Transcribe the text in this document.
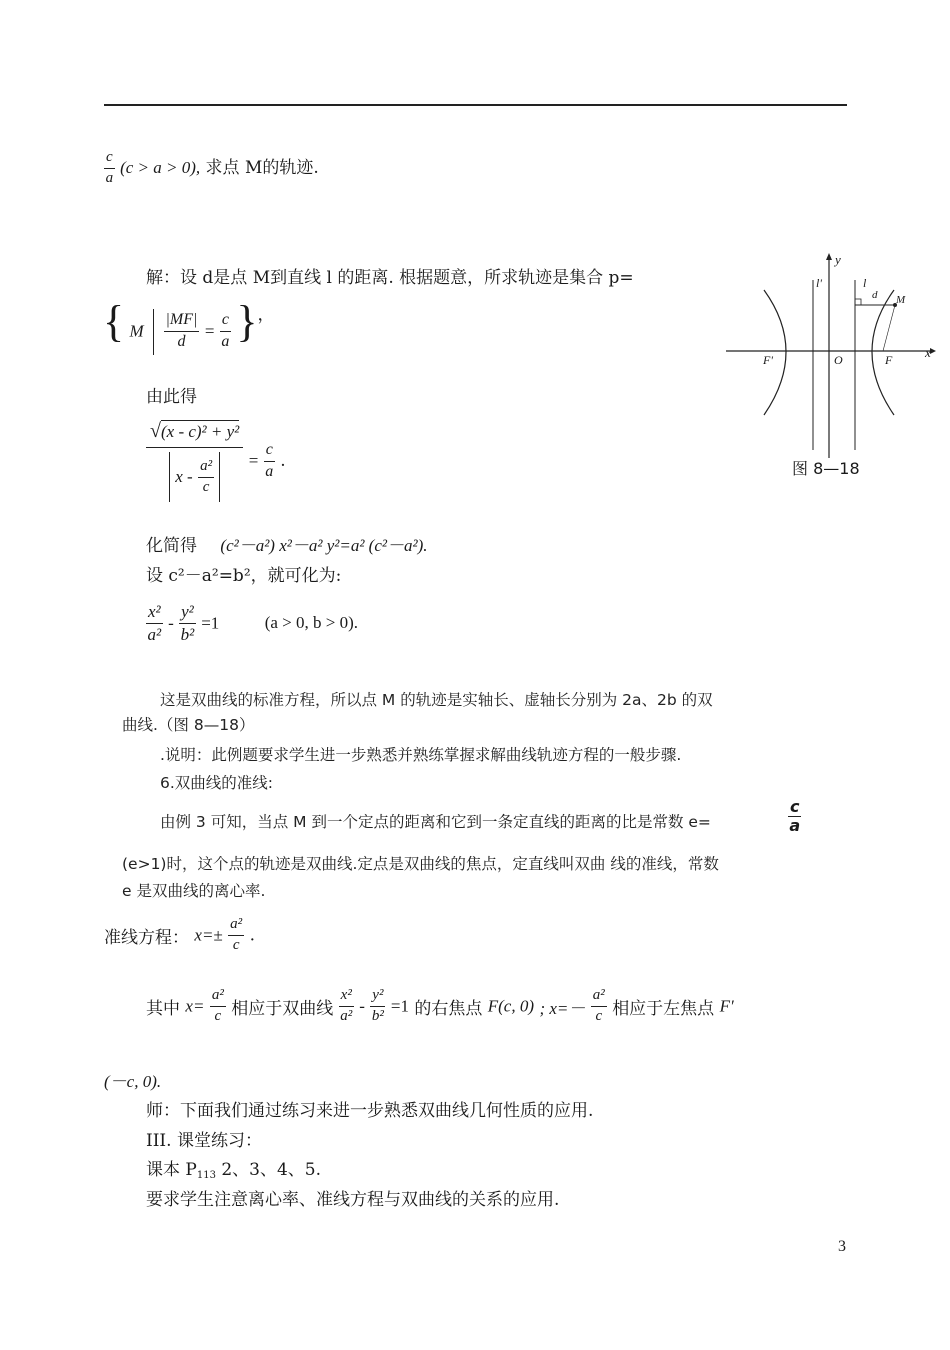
$\frac{c}{a} (c > a > 0)$, 求点 M的轨迹.
解：设 d是点 M到直线 l 的距离. 根据题意，所求轨迹是集合 p=
{ M $\frac{|MF|}{d} = \frac{c}{a}$ }，
由此得
$\frac{\text{√(x - c)² + y²}}{x - \frac{\text{a²}}{c}}$
= $\frac{c}{a}$ .
化简得 (c²－a²) x²－a² y²=a² (c²－a²).
设 c²－a²=b²，就可化为:
$\frac{\text{x²}}{\text{a²}} - \frac{\text{y²}}{\text{b²}} =1$	(a > 0, b > 0).
y
x
O	F
F'
l
l'
d M
图 8—18
这是双曲线的标准方程，所以点 M 的轨迹是实轴长、虚轴长分别为 2a、2b 的双
曲线.（图 8—18）
.说明：此例题要求学生进一步熟悉并熟练掌握求解曲线轨迹方程的一般步骤.
6.双曲线的准线:
由例 3 可知，当点 M 到一个定点的距离和它到一条定直线的距离的比是常数 e=
c
a
(e>1)时，这个点的轨迹是双曲线.定点是双曲线的焦点，定直线叫双曲 线的准线，常数
e 是双曲线的离心率.
准线方程： $x=\pm \frac{\text{a²}}{c}$ .
其中 $x= \frac{\text{a²}}{c}$ 相应于双曲线 $\frac{\text{x²}}{\text{a²}} - \frac{\text{y²}}{\text{b²}} =1$ 的右焦点 F(c, 0) ; $x=- \frac{\text{a²}}{c}$ 相应于左焦点 F′
(－c, 0).
师：下面我们通过练习来进一步熟悉双曲线几何性质的应用.
III. 课堂练习：
课本 $P_{113}$ 2、3、4、5.
要求学生注意离心率、准线方程与双曲线的关系的应用.
3
